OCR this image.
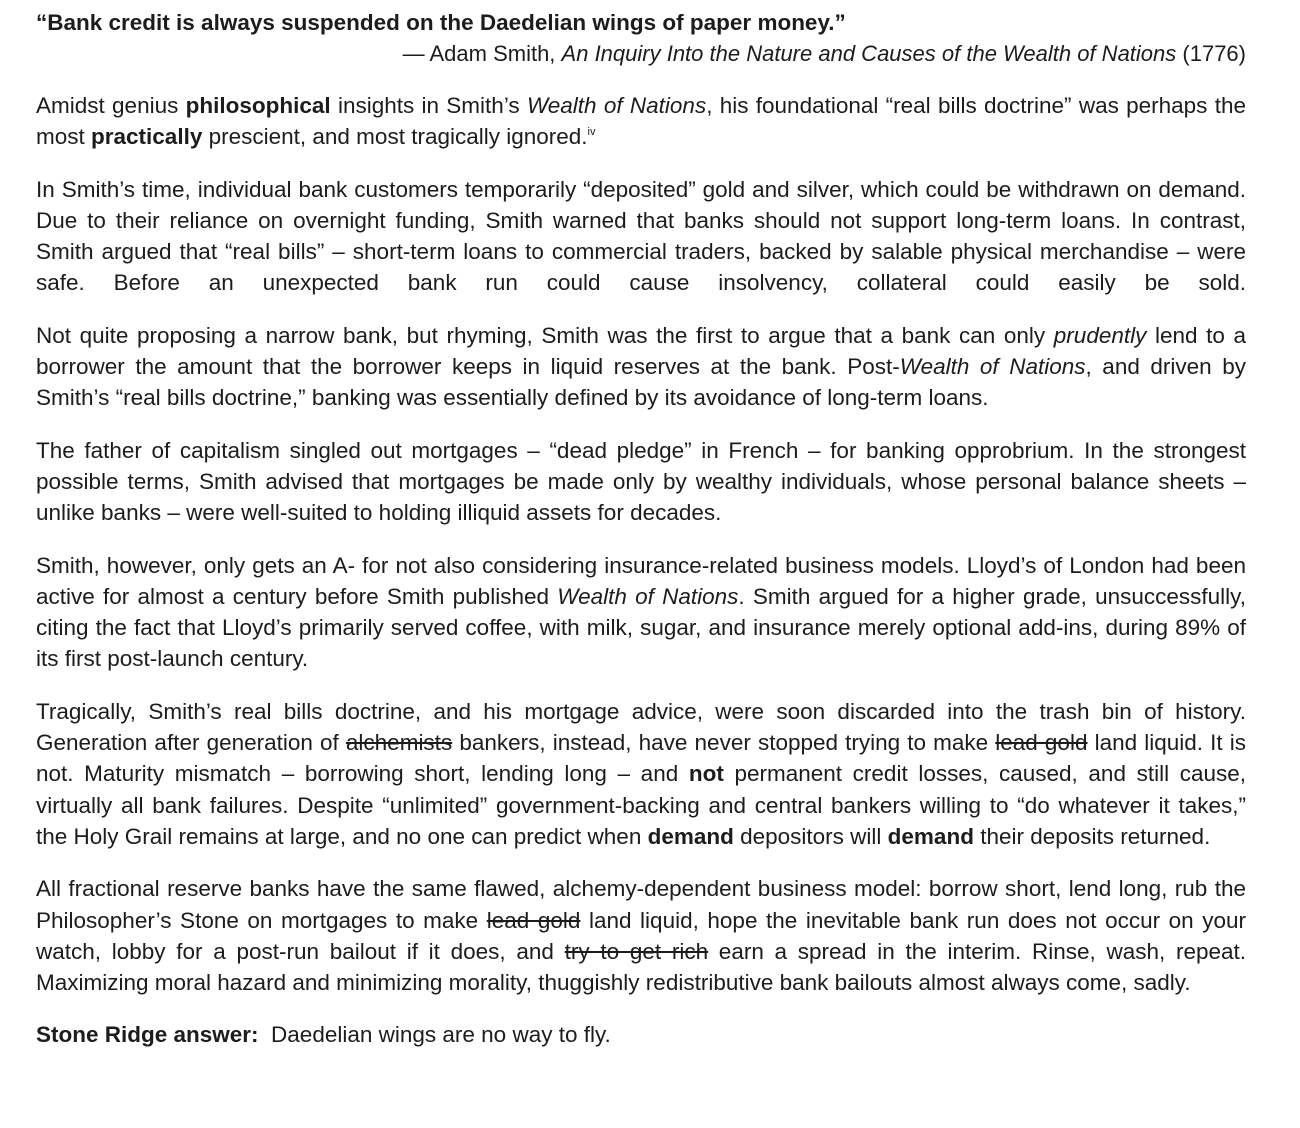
“Bank credit is always suspended on the Daedelian wings of paper money.”

— Adam Smith, An Inquiry Into the Nature and Causes of the Wealth of Nations (1776)

Amidst genius philosophical insights in Smith’s Wealth of Nations, his foundational “real bills doctrine” was perhaps the most practically prescient, and most tragically ignored.$^{iv}$

In Smith’s time, individual bank customers temporarily “deposited” gold and silver, which could be withdrawn on demand. Due to their reliance on overnight funding, Smith warned that banks should not support long-term loans. In contrast, Smith argued that “real bills” – short-term loans to commercial traders, backed by salable physical merchandise – were safe. Before an unexpected bank run could cause insolvency, collateral could easily be sold.

Not quite proposing a narrow bank, but rhyming, Smith was the first to argue that a bank can only prudently lend to a borrower the amount that the borrower keeps in liquid reserves at the bank. Post-Wealth of Nations, and driven by Smith’s “real bills doctrine,” banking was essentially defined by its avoidance of long-term loans.

The father of capitalism singled out mortgages – “dead pledge” in French – for banking opprobrium. In the strongest possible terms, Smith advised that mortgages be made only by wealthy individuals, whose personal balance sheets – unlike banks – were well-suited to holding illiquid assets for decades.

Smith, however, only gets an A- for not also considering insurance-related business models. Lloyd’s of London had been active for almost a century before Smith published Wealth of Nations. Smith argued for a higher grade, unsuccessfully, citing the fact that Lloyd’s primarily served coffee, with milk, sugar, and insurance merely optional add-ins, during 89% of its first post-launch century.

Tragically, Smith’s real bills doctrine, and his mortgage advice, were soon discarded into the trash bin of history. Generation after generation of alchemists bankers, instead, have never stopped trying to make lead gold land liquid. It is not. Maturity mismatch – borrowing short, lending long – and not permanent credit losses, caused, and still cause, virtually all bank failures. Despite “unlimited” government-backing and central bankers willing to “do whatever it takes,” the Holy Grail remains at large, and no one can predict when demand depositors will demand their deposits returned.

All fractional reserve banks have the same flawed, alchemy-dependent business model: borrow short, lend long, rub the Philosopher’s Stone on mortgages to make lead gold land liquid, hope the inevitable bank run does not occur on your watch, lobby for a post-run bailout if it does, and try to get rich earn a spread in the interim. Rinse, wash, repeat. Maximizing moral hazard and minimizing morality, thuggishly redistributive bank bailouts almost always come, sadly.

Stone Ridge answer:  Daedelian wings are no way to fly.
